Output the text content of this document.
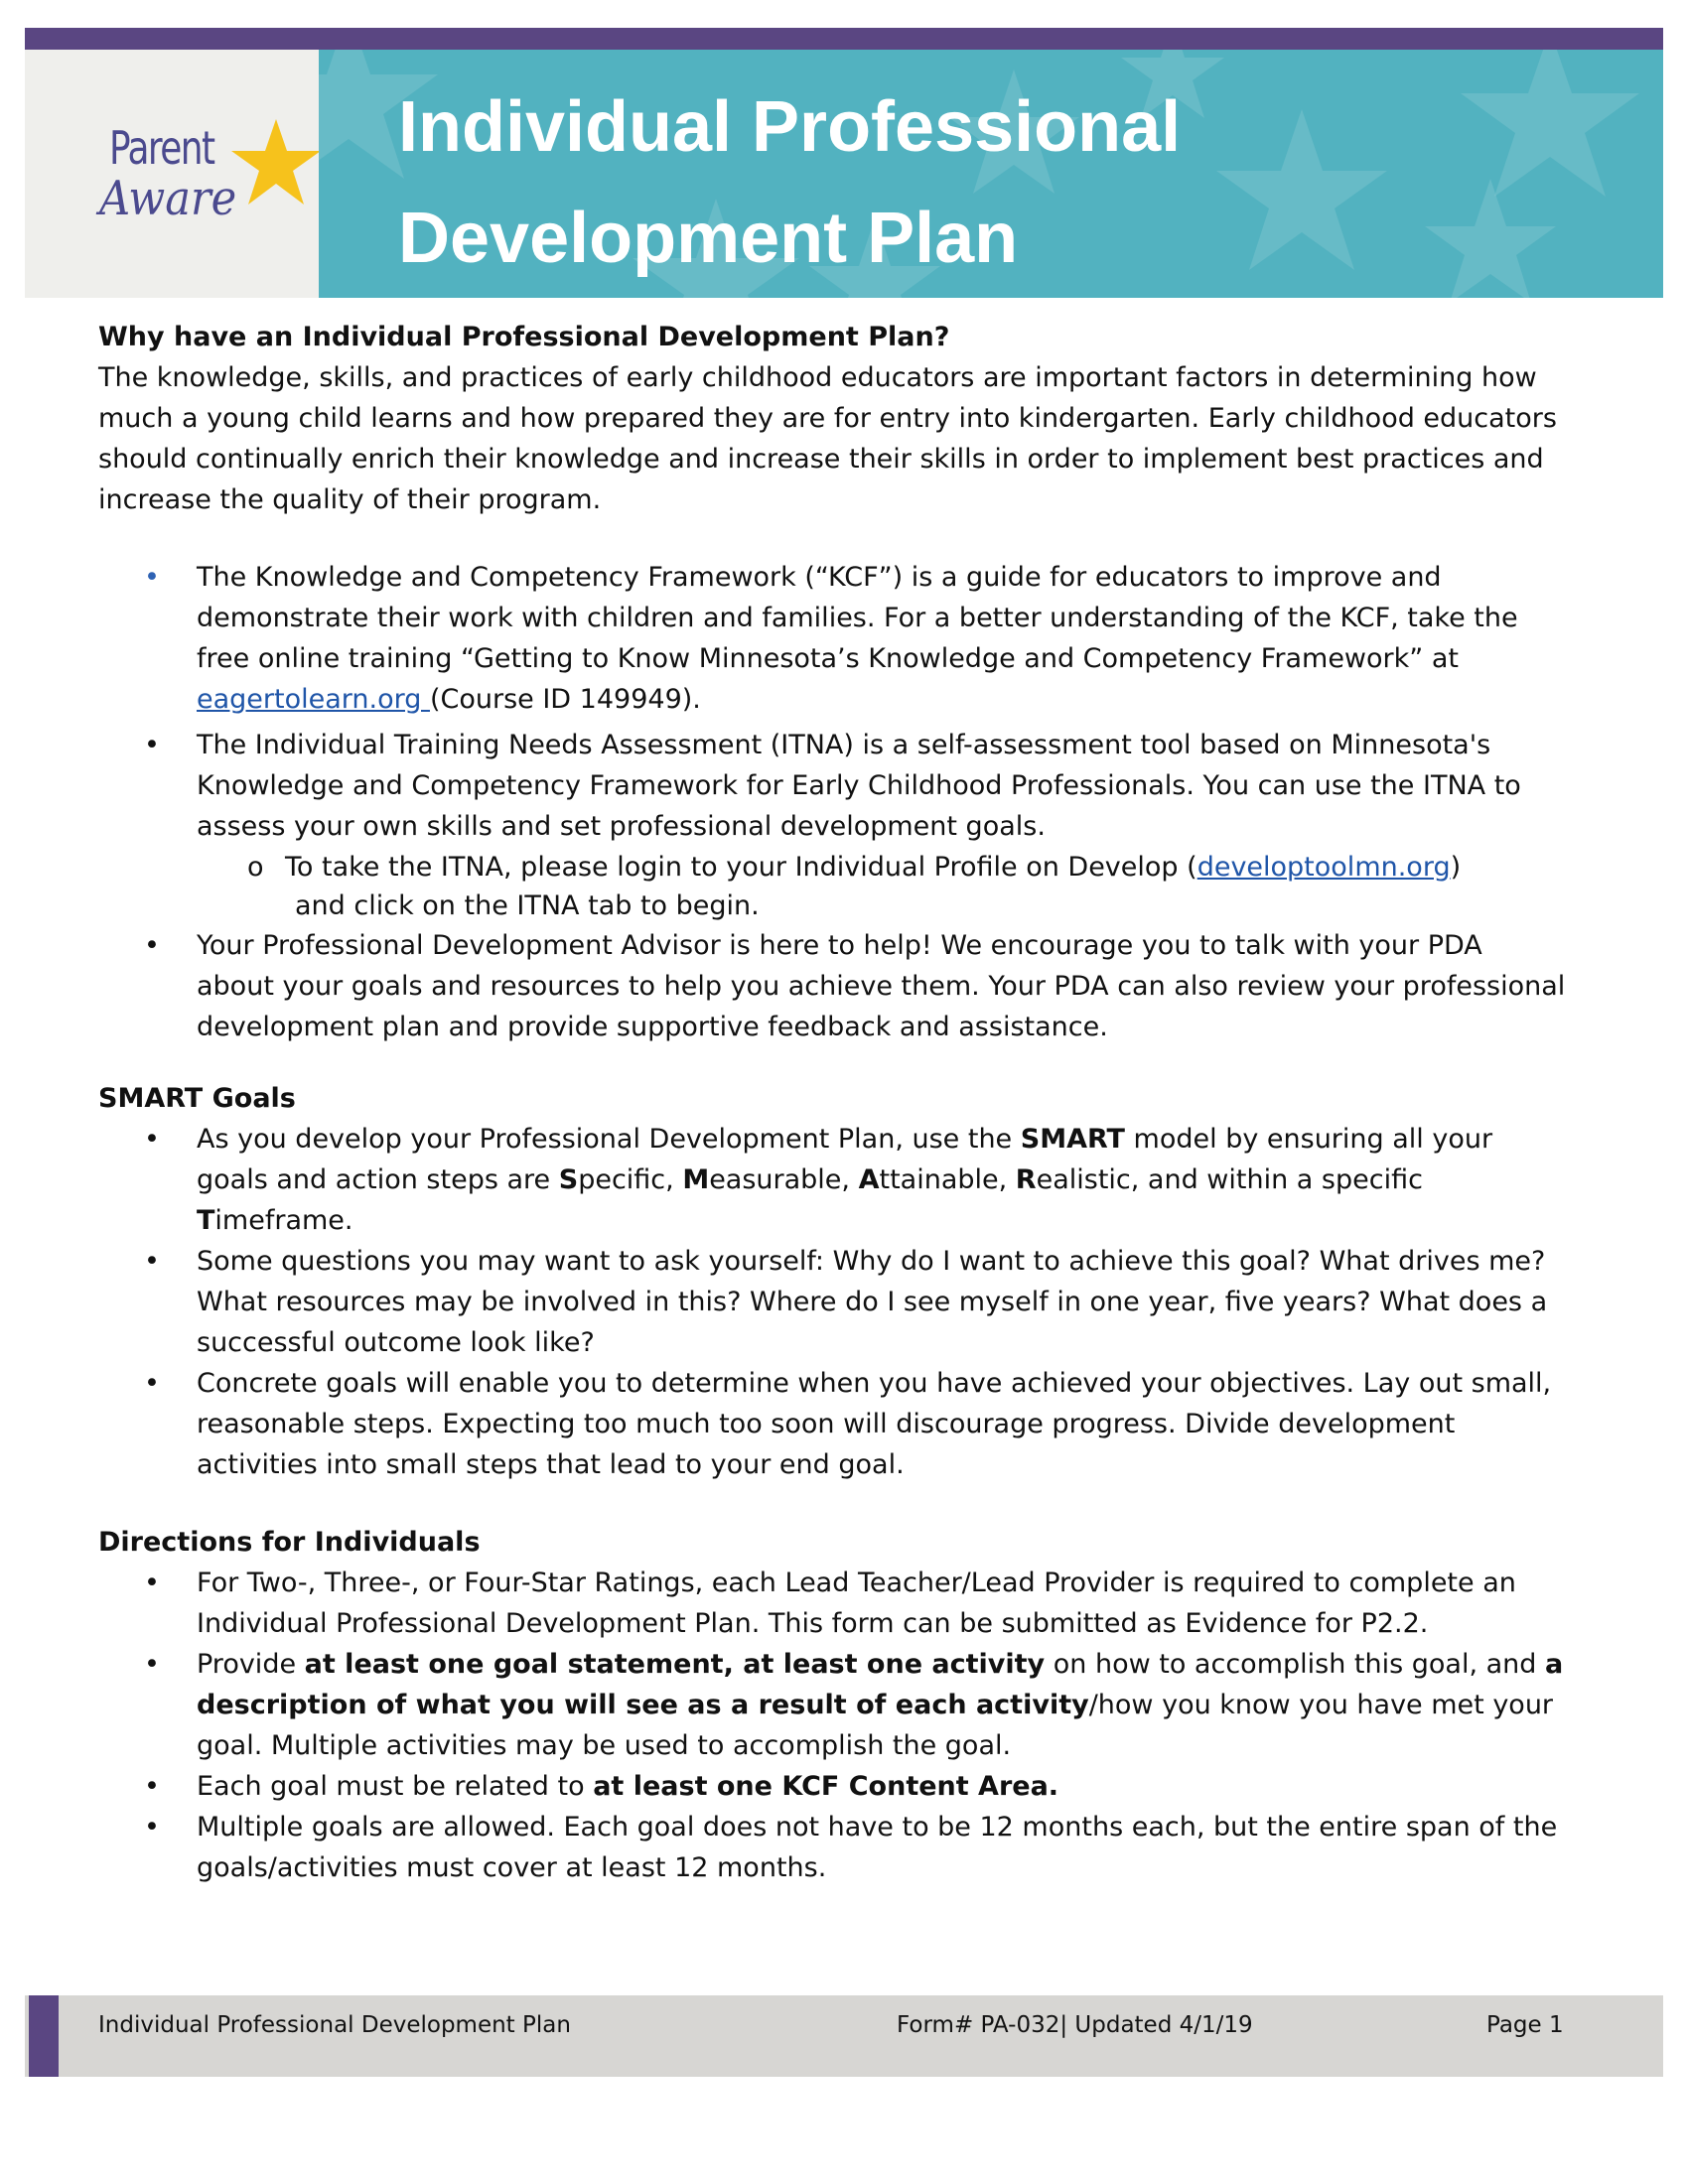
Parent
Aware
Individual Professional
Development Plan

Why have an Individual Professional Development Plan?

The knowledge, skills, and practices of early childhood educators are important factors in determining how much a young child learns and how prepared they are for entry into kindergarten. Early childhood educators should continually enrich their knowledge and increase their skills in order to implement best practices and increase the quality of their program.

• The Knowledge and Competency Framework (“KCF”) is a guide for educators to improve and demonstrate their work with children and families. For a better understanding of the KCF, take the free online training “Getting to Know Minnesota’s Knowledge and Competency Framework” at eagertolearn.org (Course ID 149949).
• The Individual Training Needs Assessment (ITNA) is a self-assessment tool based on Minnesota's Knowledge and Competency Framework for Early Childhood Professionals. You can use the ITNA to assess your own skills and set professional development goals.
o To take the ITNA, please login to your Individual Profile on Develop (developtoolmn.org)
and click on the ITNA tab to begin.
• Your Professional Development Advisor is here to help! We encourage you to talk with your PDA about your goals and resources to help you achieve them. Your PDA can also review your professional development plan and provide supportive feedback and assistance.

SMART Goals

• As you develop your Professional Development Plan, use the SMART model by ensuring all your goals and action steps are Specific, Measurable, Attainable, Realistic, and within a specific Timeframe.
• Some questions you may want to ask yourself: Why do I want to achieve this goal? What drives me? What resources may be involved in this? Where do I see myself in one year, five years? What does a successful outcome look like?
• Concrete goals will enable you to determine when you have achieved your objectives. Lay out small, reasonable steps. Expecting too much too soon will discourage progress. Divide development activities into small steps that lead to your end goal.

Directions for Individuals

• For Two-, Three-, or Four-Star Ratings, each Lead Teacher/Lead Provider is required to complete an Individual Professional Development Plan. This form can be submitted as Evidence for P2.2.
• Provide at least one goal statement, at least one activity on how to accomplish this goal, and a description of what you will see as a result of each activity/how you know you have met your goal. Multiple activities may be used to accomplish the goal.
• Each goal must be related to at least one KCF Content Area.
• Multiple goals are allowed. Each goal does not have to be 12 months each, but the entire span of the goals/activities must cover at least 12 months.
Individual Professional Development Plan	Form# PA-032| Updated 4/1/19	Page 1
